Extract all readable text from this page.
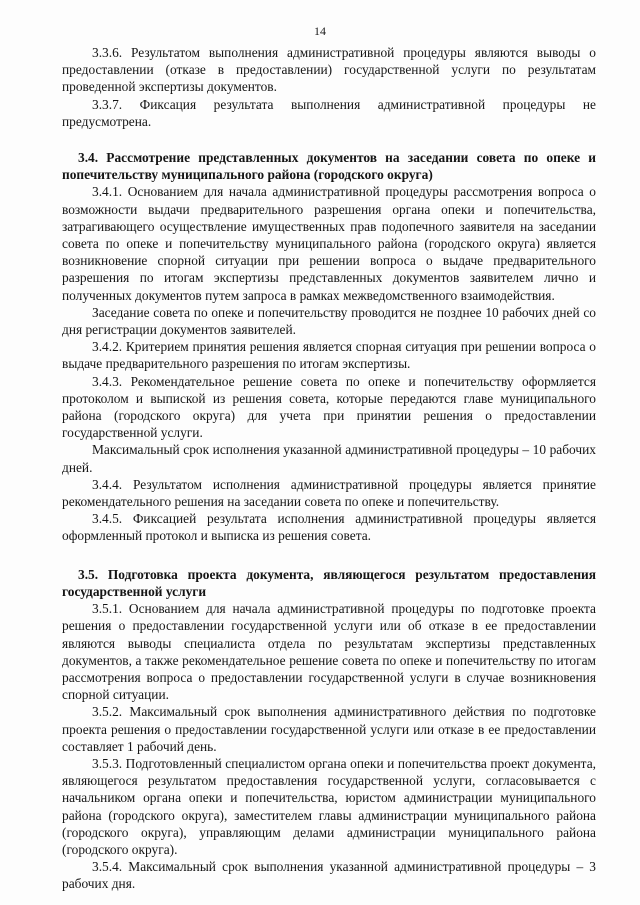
14

3.3.6. Результатом выполнения административной процедуры являются выводы о предоставлении (отказе в предоставлении) государственной услуги по результатам проведенной экспертизы документов.

3.3.7. Фиксация результата выполнения административной процедуры не предусмотрена.

3.4. Рассмотрение представленных документов на заседании совета по опеке и попечительству муниципального района (городского округа)

3.4.1. Основанием для начала административной процедуры рассмотрения вопроса о возможности выдачи предварительного разрешения органа опеки и попечительства, затрагивающего осуществление имущественных прав подопечного заявителя на заседании совета по опеке и попечительству муниципального района (городского округа) является возникновение спорной ситуации при решении вопроса о выдаче предварительного разрешения по итогам экспертизы представленных документов заявителем лично и полученных документов путем запроса в рамках межведомственного взаимодействия.

Заседание совета по опеке и попечительству проводится не позднее 10 рабочих дней со дня регистрации документов заявителей.

3.4.2. Критерием принятия решения является спорная ситуация при решении вопроса о выдаче предварительного разрешения по итогам экспертизы.

3.4.3. Рекомендательное решение совета по опеке и попечительству оформляется протоколом и выпиской из решения совета, которые передаются главе муниципального района (городского округа) для учета при принятии решения о предоставлении государственной услуги.

Максимальный срок исполнения указанной административной процедуры – 10 рабочих дней.

3.4.4. Результатом исполнения административной процедуры является принятие рекомендательного решения на заседании совета по опеке и попечительству.

3.4.5. Фиксацией результата исполнения административной процедуры является оформленный протокол и выписка из решения совета.

3.5. Подготовка проекта документа, являющегося результатом предоставления государственной услуги

3.5.1. Основанием для начала административной процедуры по подготовке проекта решения о предоставлении государственной услуги или об отказе в ее предоставлении являются выводы специалиста отдела по результатам экспертизы представленных документов, а также рекомендательное решение совета по опеке и попечительству по итогам рассмотрения вопроса о предоставлении государственной услуги в случае возникновения спорной ситуации.

3.5.2. Максимальный срок выполнения административного действия по подготовке проекта решения о предоставлении государственной услуги или отказе в ее предоставлении составляет 1 рабочий день.

3.5.3. Подготовленный специалистом органа опеки и попечительства проект документа, являющегося результатом предоставления государственной услуги, согласовывается с начальником органа опеки и попечительства, юристом администрации муниципального района (городского округа), заместителем главы администрации муниципального района (городского округа), управляющим делами администрации муниципального района (городского округа).

3.5.4. Максимальный срок выполнения указанной административной процедуры – 3 рабочих дня.
